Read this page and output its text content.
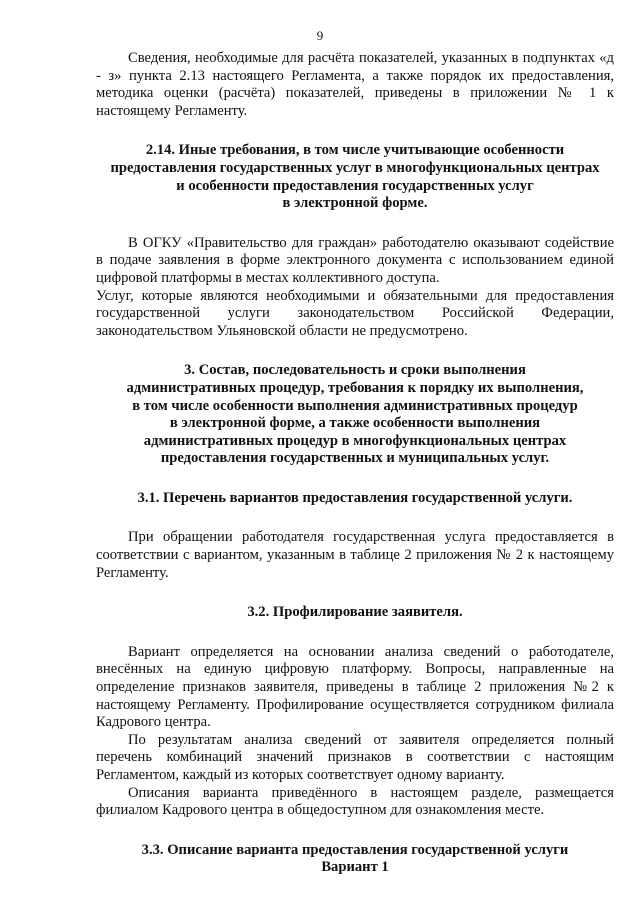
9

Сведения, необходимые для расчёта показателей, указанных в подпунктах «д - з» пункта 2.13 настоящего Регламента, а также порядок их предоставления, методика оценки (расчёта) показателей, приведены в приложении № 1 к настоящему Регламенту.

2.14. Иные требования, в том числе учитывающие особенности
предоставления государственных услуг в многофункциональных центрах
и особенности предоставления государственных услуг
в электронной форме.

В ОГКУ «Правительство для граждан» работодателю оказывают содействие в подаче заявления в форме электронного документа с использованием единой цифровой платформы в местах коллективного доступа.

Услуг, которые являются необходимыми и обязательными для предоставления государственной услуги законодательством Российской Федерации, законодательством Ульяновской области не предусмотрено.

3. Состав, последовательность и сроки выполнения
административных процедур, требования к порядку их выполнения,
в том числе особенности выполнения административных процедур
в электронной форме, а также особенности выполнения
административных процедур в многофункциональных центрах
предоставления государственных и муниципальных услуг.
3.1. Перечень вариантов предоставления государственной услуги.

При обращении работодателя государственная услуга предоставляется в соответствии с вариантом, указанным в таблице 2 приложения № 2 к настоящему Регламенту.

3.2. Профилирование заявителя.

Вариант определяется на основании анализа сведений о работодателе, внесённых на единую цифровую платформу. Вопросы, направленные на определение признаков заявителя, приведены в таблице 2 приложения №2 к настоящему Регламенту. Профилирование осуществляется сотрудником филиала Кадрового центра.

По результатам анализа сведений от заявителя определяется полный перечень комбинаций значений признаков в соответствии с настоящим Регламентом, каждый из которых соответствует одному варианту.

Описания варианта приведённого в настоящем разделе, размещается филиалом Кадрового центра в общедоступном для ознакомления месте.

3.3. Описание варианта предоставления государственной услуги
Вариант 1
